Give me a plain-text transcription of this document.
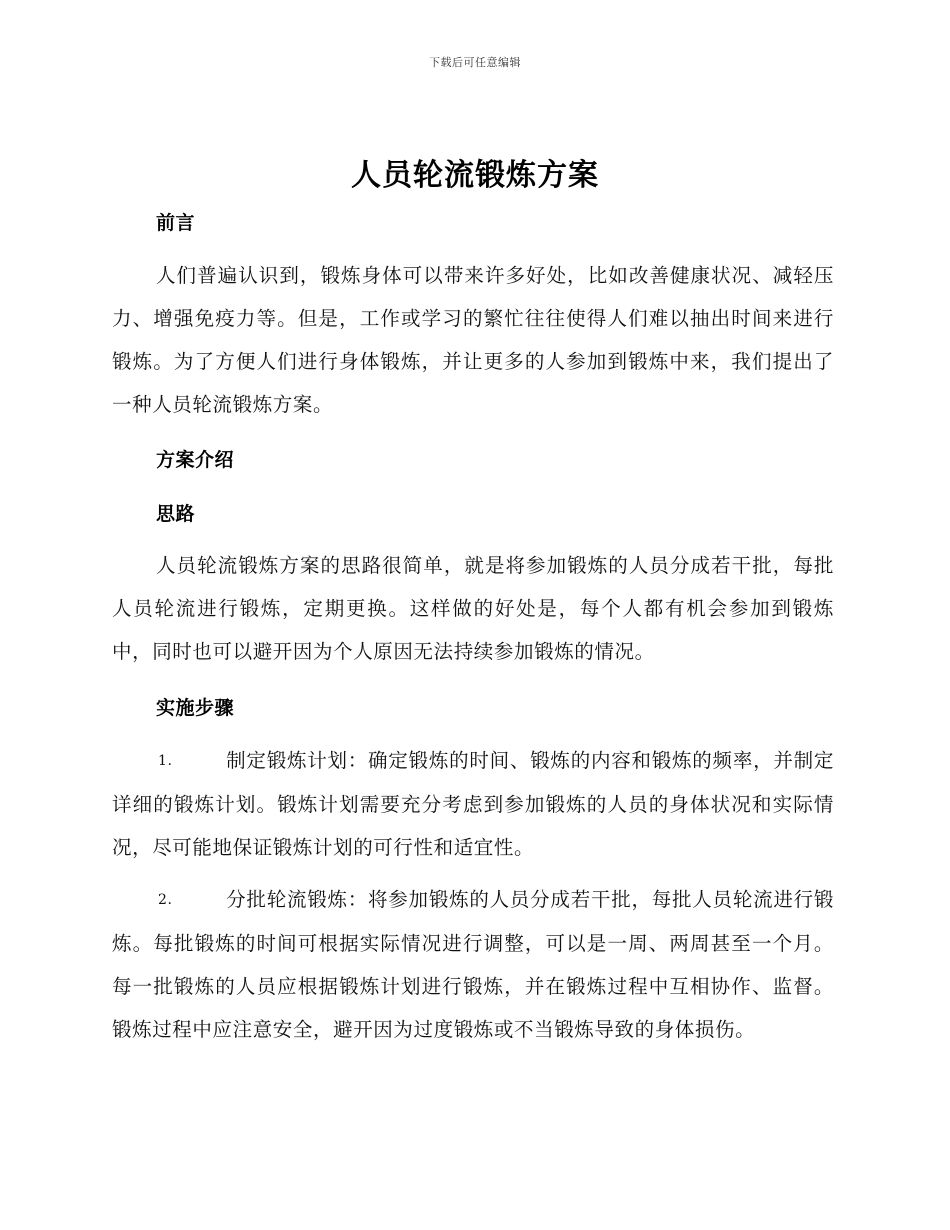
下载后可任意编辑
人员轮流锻炼方案
前言

人们普遍认识到，锻炼身体可以带来许多好处，比如改善健康状况、减轻压力、增强免疫力等。但是，工作或学习的繁忙往往使得人们难以抽出时间来进行锻炼。为了方便人们进行身体锻炼，并让更多的人参加到锻炼中来，我们提出了一种人员轮流锻炼方案。

方案介绍
思路

人员轮流锻炼方案的思路很简单，就是将参加锻炼的人员分成若干批，每批人员轮流进行锻炼，定期更换。这样做的好处是，每个人都有机会参加到锻炼中，同时也可以避开因为个人原因无法持续参加锻炼的情况。

实施步骤

1.	制定锻炼计划：确定锻炼的时间、锻炼的内容和锻炼的频率，并制定详细的锻炼计划。锻炼计划需要充分考虑到参加锻炼的人员的身体状况和实际情况，尽可能地保证锻炼计划的可行性和适宜性。

2.	分批轮流锻炼：将参加锻炼的人员分成若干批，每批人员轮流进行锻炼。每批锻炼的时间可根据实际情况进行调整，可以是一周、两周甚至一个月。每一批锻炼的人员应根据锻炼计划进行锻炼，并在锻炼过程中互相协作、监督。锻炼过程中应注意安全，避开因为过度锻炼或不当锻炼导致的身体损伤。
